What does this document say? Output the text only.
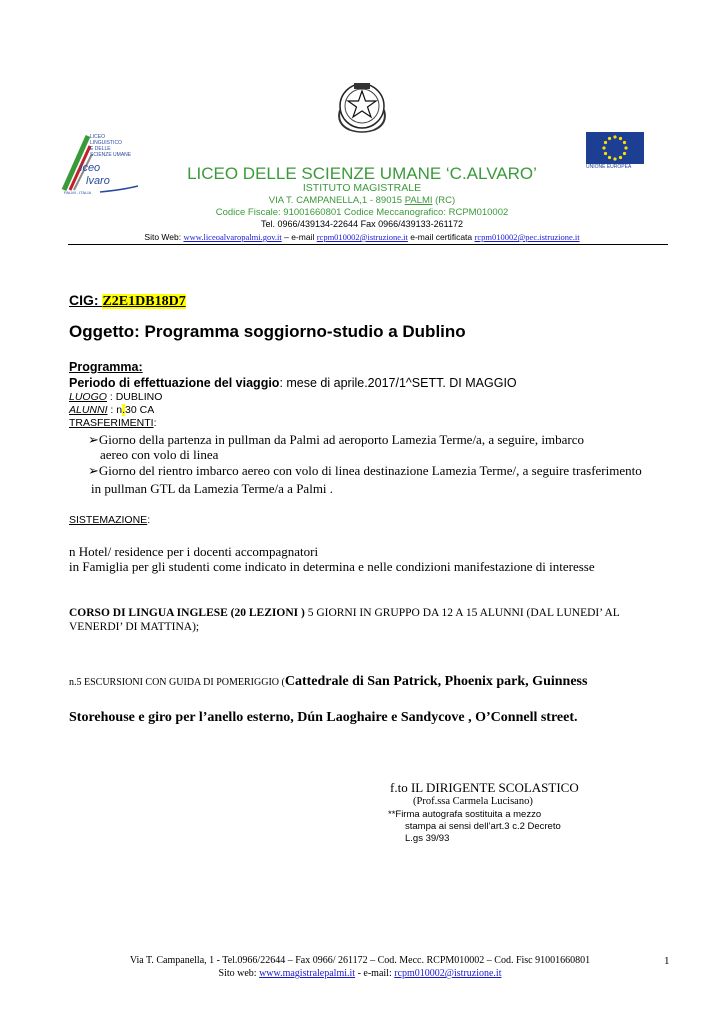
LICEO
LINGUISTICO
E DELLE
SCIENZE UMANE
iceo
lvaro
PALMI - ITALIA
UNIONE EUROPEA
LICEO DELLE SCIENZE UMANE ‘C.ALVARO’
ISTITUTO MAGISTRALE
VIA T. CAMPANELLA,1 - 89015 PALMI (RC)
Codice Fiscale: 91001660801 Codice Meccanografico: RCPM010002
Tel. 0966/439134-22644 Fax 0966/439133-261172
Sito Web: www.liceoalvaropalmi.gov.it – e-mail rcpm010002@istruzione.it e-mail certificata rcpm010002@pec.istruzione.it
CIG: Z2E1DB18D7
Oggetto: Programma soggiorno-studio a Dublino
Programma:
Periodo di effettuazione del viaggio: mese di aprile.2017/1^SETT. DI MAGGIO
LUOGO : DUBLINO
ALUNNI : n.30 CA
TRASFERIMENTI:
➢Giorno della partenza in pullman da Palmi ad aeroporto Lamezia Terme/a, a seguire, imbarco
aereo con volo di linea
➢Giorno del rientro imbarco aereo con volo di linea destinazione Lamezia Terme/, a seguire trasferimento
in pullman GTL da Lamezia Terme/a a Palmi .
SISTEMAZIONE:
n Hotel/ residence per i docenti accompagnatori
in Famiglia per gli studenti come indicato in determina e nelle condizioni manifestazione di interesse
CORSO DI LINGUA INGLESE (20 LEZIONI ) 5 GIORNI IN GRUPPO DA 12 A 15 ALUNNI (DAL LUNEDI’ AL
VENERDI’ DI MATTINA);
n.5 ESCURSIONI CON GUIDA DI POMERIGGIO (Cattedrale di San Patrick, Phoenix park, Guinness
Storehouse e giro per l’anello esterno, Dún Laoghaire e Sandycove , O’Connell street.
f.to IL DIRIGENTE SCOLASTICO
(Prof.ssa Carmela Lucisano)
**Firma autografa sostituita a mezzo
stampa ai sensi dell’art.3 c.2 Decreto
L.gs 39/93
Via T. Campanella, 1 - Tel.0966/22644 – Fax 0966/ 261172 – Cod. Mecc. RCPM010002 – Cod. Fisc 91001660801
Sito web: www.magistralepalmi.it - e-mail: rcpm010002@istruzione.it
1
